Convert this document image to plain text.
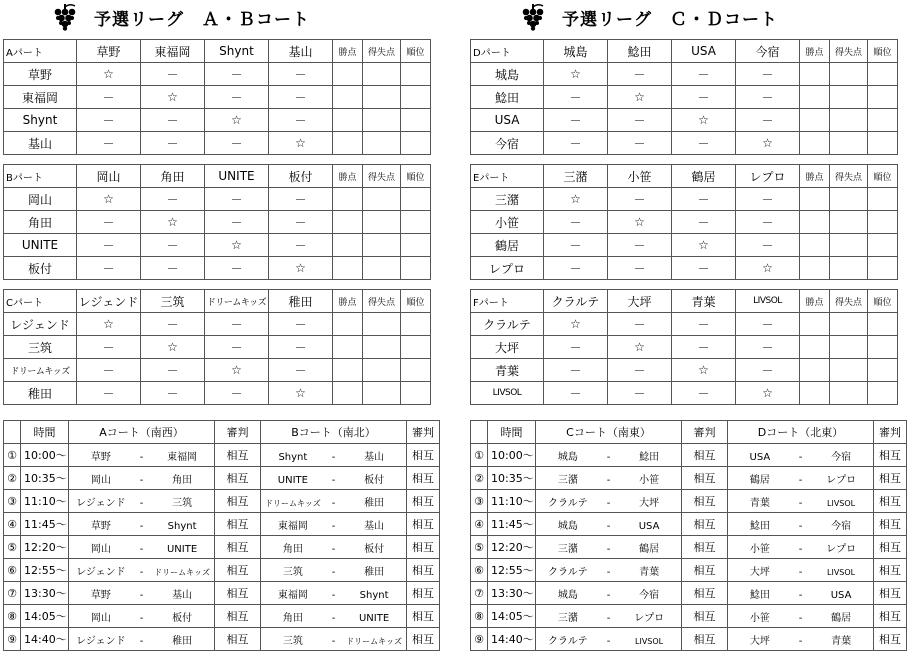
予選リーグ　Ａ・Ｂコート	予選リーグ　Ｃ・Ｄコート
Aパート	草野	東福岡	Shynt	基山	勝点	得失点	順位
草野	☆	－	－	－			
東福岡	－	☆	－	－			
Shynt	－	－	☆	－			
基山	－	－	－	☆			
Bパート	岡山	角田	UNITE	板付	勝点	得失点	順位
岡山	☆	－	－	－			
角田	－	☆	－	－			
UNITE	－	－	☆	－			
板付	－	－	－	☆			
Cパート	レジェンド	三筑	ドリームキッズ	稚田	勝点	得失点	順位
レジェンド	☆	－	－	－			
三筑	－	☆	－	－			
ドリームキッズ	－	－	☆	－			
稚田	－	－	－	☆			
Dパート	城島	鯰田	USA	今宿	勝点	得失点	順位
城島	☆	－	－	－			
鯰田	－	☆	－	－			
USA	－	－	☆	－			
今宿	－	－	－	☆			
Eパート	三潴	小笹	鶴居	レプロ	勝点	得失点	順位
三潴	☆	－	－	－			
小笹	－	☆	－	－			
鶴居	－	－	☆	－			
レプロ	－	－	－	☆			
Fパート	クラルテ	大坪	青葉	LIVSOL	勝点	得失点	順位
クラルテ	☆	－	－	－			
大坪	－	☆	－	－			
青葉	－	－	☆	－			
LIVSOL	－	－	－	☆			
	時間	Aコート（南西）	審判	Bコート（南北）	審判
①	10:00～	草野 - 東福岡	相互	Shynt - 基山	相互
②	10:35～	岡山 - 角田	相互	UNITE - 板付	相互
③	11:10～	レジェンド - 三筑	相互	ドリームキッズ - 稚田	相互
④	11:45～	草野 - Shynt	相互	東福岡 - 基山	相互
⑤	12:20～	岡山 - UNITE	相互	角田 - 板付	相互
⑥	12:55～	レジェンド - ドリームキッズ	相互	三筑 - 稚田	相互
⑦	13:30～	草野 - 基山	相互	東福岡 - Shynt	相互
⑧	14:05～	岡山 - 板付	相互	角田 - UNITE	相互
⑨	14:40～	レジェンド - 稚田	相互	三筑 - ドリームキッズ	相互
	時間	Cコート（南東）	審判	Dコート（北東）	審判
①	10:00～	城島 - 鯰田	相互	USA - 今宿	相互
②	10:35～	三潴 - 小笹	相互	鶴居 - レプロ	相互
③	11:10～	クラルテ - 大坪	相互	青葉 - LIVSOL	相互
④	11:45～	城島 - USA	相互	鯰田 - 今宿	相互
⑤	12:20～	三潴 - 鶴居	相互	小笹 - レプロ	相互
⑥	12:55～	クラルテ - 青葉	相互	大坪 - LIVSOL	相互
⑦	13:30～	城島 - 今宿	相互	鯰田 - USA	相互
⑧	14:05～	三潴 - レプロ	相互	小笹 - 鶴居	相互
⑨	14:40～	クラルテ - LIVSOL	相互	大坪 - 青葉	相互
